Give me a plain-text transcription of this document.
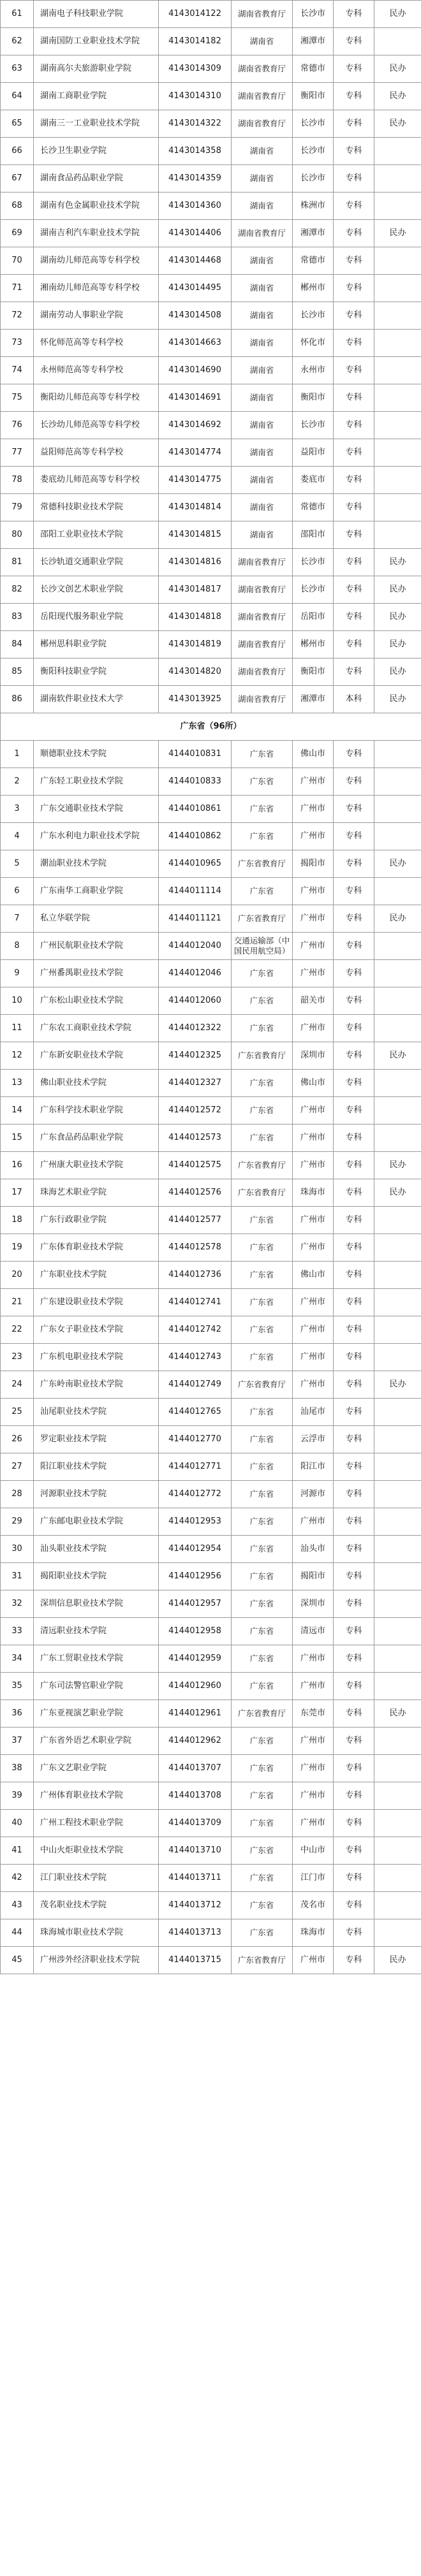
61	湖南电子科技职业学院	4143014122	湖南省教育厅	长沙市	专科	民办
62	湖南国防工业职业技术学院	4143014182	湖南省	湘潭市	专科	
63	湖南高尔夫旅游职业学院	4143014309	湖南省教育厅	常德市	专科	民办
64	湖南工商职业学院	4143014310	湖南省教育厅	衡阳市	专科	民办
65	湖南三一工业职业技术学院	4143014322	湖南省教育厅	长沙市	专科	民办
66	长沙卫生职业学院	4143014358	湖南省	长沙市	专科	
67	湖南食品药品职业学院	4143014359	湖南省	长沙市	专科	
68	湖南有色金属职业技术学院	4143014360	湖南省	株洲市	专科	
69	湖南吉利汽车职业技术学院	4143014406	湖南省教育厅	湘潭市	专科	民办
70	湖南幼儿师范高等专科学校	4143014468	湖南省	常德市	专科	
71	湘南幼儿师范高等专科学校	4143014495	湖南省	郴州市	专科	
72	湖南劳动人事职业学院	4143014508	湖南省	长沙市	专科	
73	怀化师范高等专科学校	4143014663	湖南省	怀化市	专科	
74	永州师范高等专科学校	4143014690	湖南省	永州市	专科	
75	衡阳幼儿师范高等专科学校	4143014691	湖南省	衡阳市	专科	
76	长沙幼儿师范高等专科学校	4143014692	湖南省	长沙市	专科	
77	益阳师范高等专科学校	4143014774	湖南省	益阳市	专科	
78	娄底幼儿师范高等专科学校	4143014775	湖南省	娄底市	专科	
79	常德科技职业技术学院	4143014814	湖南省	常德市	专科	
80	邵阳工业职业技术学院	4143014815	湖南省	邵阳市	专科	
81	长沙轨道交通职业学院	4143014816	湖南省教育厅	长沙市	专科	民办
82	长沙文创艺术职业学院	4143014817	湖南省教育厅	长沙市	专科	民办
83	岳阳现代服务职业学院	4143014818	湖南省教育厅	岳阳市	专科	民办
84	郴州思科职业学院	4143014819	湖南省教育厅	郴州市	专科	民办
85	衡阳科技职业学院	4143014820	湖南省教育厅	衡阳市	专科	民办
86	湖南软件职业技术大学	4143013925	湖南省教育厅	湘潭市	本科	民办
广东省（96所）						
1	顺德职业技术学院	4144010831	广东省	佛山市	专科	
2	广东轻工职业技术学院	4144010833	广东省	广州市	专科	
3	广东交通职业技术学院	4144010861	广东省	广州市	专科	
4	广东水利电力职业技术学院	4144010862	广东省	广州市	专科	
5	潮汕职业技术学院	4144010965	广东省教育厅	揭阳市	专科	民办
6	广东南华工商职业学院	4144011114	广东省	广州市	专科	
7	私立华联学院	4144011121	广东省教育厅	广州市	专科	民办
8	广州民航职业技术学院	4144012040	交通运输部（中国民用航空局）	广州市	专科	
9	广州番禺职业技术学院	4144012046	广东省	广州市	专科	
10	广东松山职业技术学院	4144012060	广东省	韶关市	专科	
11	广东农工商职业技术学院	4144012322	广东省	广州市	专科	
12	广东新安职业技术学院	4144012325	广东省教育厅	深圳市	专科	民办
13	佛山职业技术学院	4144012327	广东省	佛山市	专科	
14	广东科学技术职业学院	4144012572	广东省	广州市	专科	
15	广东食品药品职业学院	4144012573	广东省	广州市	专科	
16	广州康大职业技术学院	4144012575	广东省教育厅	广州市	专科	民办
17	珠海艺术职业学院	4144012576	广东省教育厅	珠海市	专科	民办
18	广东行政职业学院	4144012577	广东省	广州市	专科	
19	广东体育职业技术学院	4144012578	广东省	广州市	专科	
20	广东职业技术学院	4144012736	广东省	佛山市	专科	
21	广东建设职业技术学院	4144012741	广东省	广州市	专科	
22	广东女子职业技术学院	4144012742	广东省	广州市	专科	
23	广东机电职业技术学院	4144012743	广东省	广州市	专科	
24	广东岭南职业技术学院	4144012749	广东省教育厅	广州市	专科	民办
25	汕尾职业技术学院	4144012765	广东省	汕尾市	专科	
26	罗定职业技术学院	4144012770	广东省	云浮市	专科	
27	阳江职业技术学院	4144012771	广东省	阳江市	专科	
28	河源职业技术学院	4144012772	广东省	河源市	专科	
29	广东邮电职业技术学院	4144012953	广东省	广州市	专科	
30	汕头职业技术学院	4144012954	广东省	汕头市	专科	
31	揭阳职业技术学院	4144012956	广东省	揭阳市	专科	
32	深圳信息职业技术学院	4144012957	广东省	深圳市	专科	
33	清远职业技术学院	4144012958	广东省	清远市	专科	
34	广东工贸职业技术学院	4144012959	广东省	广州市	专科	
35	广东司法警官职业学院	4144012960	广东省	广州市	专科	
36	广东亚视演艺职业学院	4144012961	广东省教育厅	东莞市	专科	民办
37	广东省外语艺术职业学院	4144012962	广东省	广州市	专科	
38	广东文艺职业学院	4144013707	广东省	广州市	专科	
39	广州体育职业技术学院	4144013708	广东省	广州市	专科	
40	广州工程技术职业学院	4144013709	广东省	广州市	专科	
41	中山火炬职业技术学院	4144013710	广东省	中山市	专科	
42	江门职业技术学院	4144013711	广东省	江门市	专科	
43	茂名职业技术学院	4144013712	广东省	茂名市	专科	
44	珠海城市职业技术学院	4144013713	广东省	珠海市	专科	
45	广州涉外经济职业技术学院	4144013715	广东省教育厅	广州市	专科	民办
